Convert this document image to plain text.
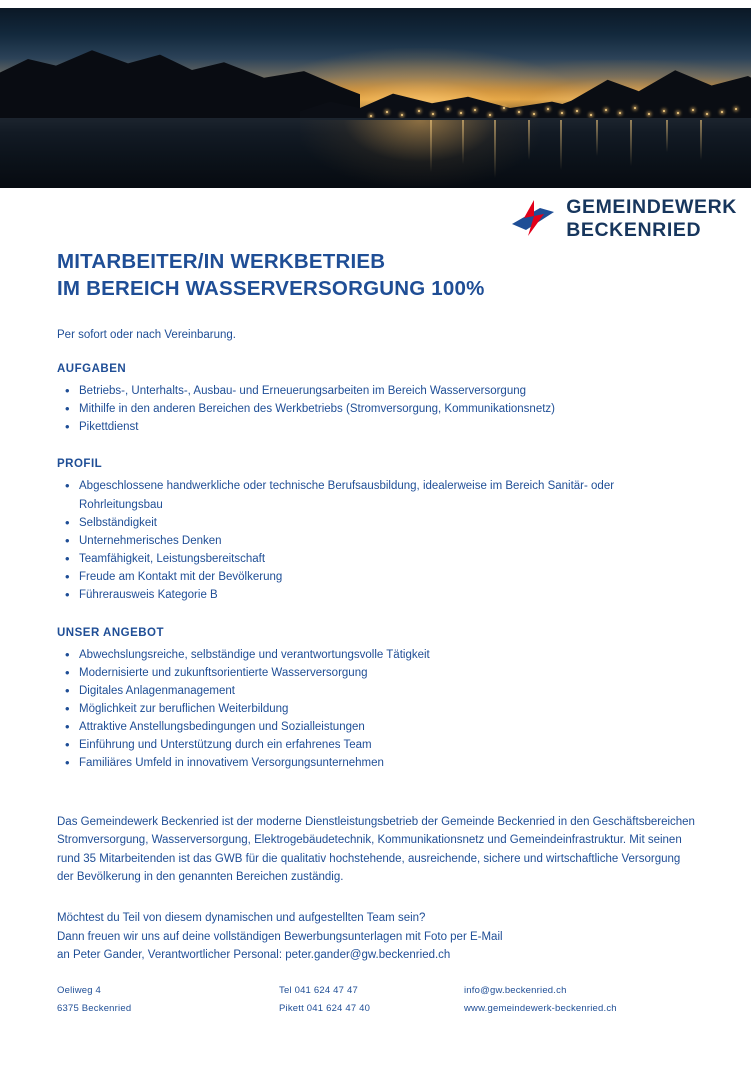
GEMEINDEWERK
BECKENRIED
MITARBEITER/IN WERKBETRIEB
IM BEREICH WASSERVERSORGUNG 100%
Per sofort oder nach Vereinbarung.
AUFGABEN
• Betriebs-, Unterhalts-, Ausbau- und Erneuerungsarbeiten im Bereich Wasserversorgung
• Mithilfe in den anderen Bereichen des Werkbetriebs (Stromversorgung, Kommunikationsnetz)
• Pikettdienst
PROFIL
• Abgeschlossene handwerkliche oder technische Berufsausbildung, idealerweise im Bereich Sanitär- oder Rohrleitungsbau
• Selbständigkeit
• Unternehmerisches Denken
• Teamfähigkeit, Leistungsbereitschaft
• Freude am Kontakt mit der Bevölkerung
• Führerausweis Kategorie B
UNSER ANGEBOT
• Abwechslungsreiche, selbständige und verantwortungsvolle Tätigkeit
• Modernisierte und zukunftsorientierte Wasserversorgung
• Digitales Anlagenmanagement
• Möglichkeit zur beruflichen Weiterbildung
• Attraktive Anstellungsbedingungen und Sozialleistungen
• Einführung und Unterstützung durch ein erfahrenes Team
• Familiäres Umfeld in innovativem Versorgungsunternehmen
Das Gemeindewerk Beckenried ist der moderne Dienstleistungsbetrieb der Gemeinde Beckenried in den Geschäftsbereichen Stromversorgung, Wasserversorgung, Elektrogebäudetechnik, Kommunikationsnetz und Gemeindeinfrastruktur. Mit seinen rund 35 Mitarbeitenden ist das GWB für die qualitativ hochstehende, ausreichende, sichere und wirtschaftliche Versorgung der Bevölkerung in den genannten Bereichen zuständig.
Möchtest du Teil von diesem dynamischen und aufgestellten Team sein?
Dann freuen wir uns auf deine vollständigen Bewerbungsunterlagen mit Foto per E-Mail
an Peter Gander, Verantwortlicher Personal: peter.gander@gw.beckenried.ch
Oeliweg 4
6375 Beckenried
Tel 041 624 47 47
Pikett 041 624 47 40
info@gw.beckenried.ch
www.gemeindewerk-beckenried.ch
